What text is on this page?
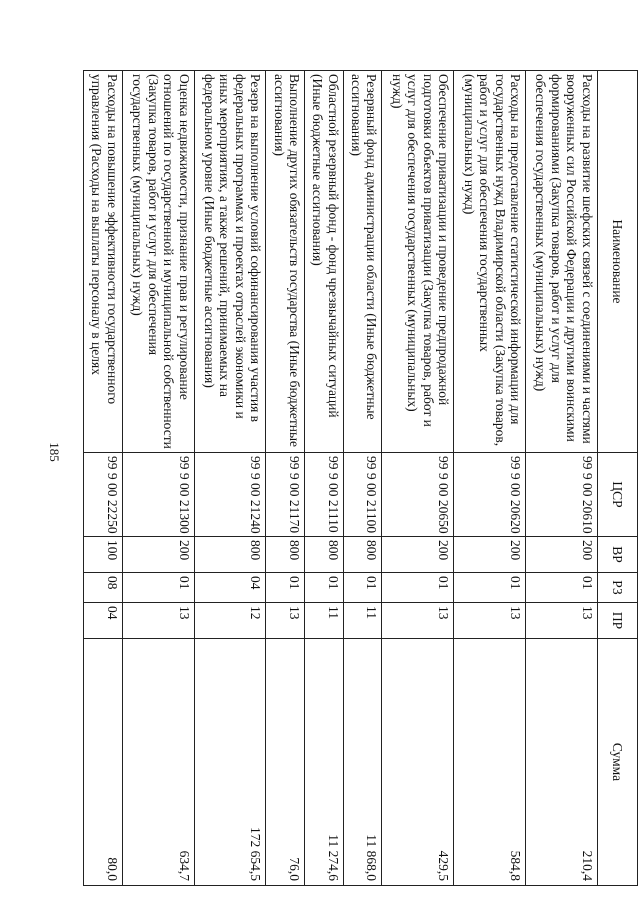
185
Наименование	ЦСР	ВР	РЗ	ПР	Сумма
Расходы на развитие шефских связей с соединениями и частями вооруженных сил Российской Федерации и другими воинскими формированиями (Закупка товаров, работ и услуг для обеспечения государственных (муниципальных) нужд)	99 9 00 20610	200	01	13	210,4
Расходы на предоставление статистической информации для государственных нужд Владимирской области (Закупка товаров, работ и услуг для обеспечения государственных (муниципальных) нужд)	99 9 00 20620	200	01	13	584,8
Обеспечение приватизации и проведение предпродажной подготовки объектов приватизации (Закупка товаров, работ и услуг для обеспечения государственных (муниципальных) нужд)	99 9 00 20650	200	01	13	429,5
Резервный фонд администрации области (Иные бюджетные ассигнования)	99 9 00 21100	800	01	11	11 868,0
Областной резервный фонд - фонд чрезвычайных ситуаций (Иные бюджетные ассигнования)	99 9 00 21110	800	01	11	11 274,6
Выполнение других обязательств государства (Иные бюджетные ассигнования)	99 9 00 21170	800	01	13	76,0
Резерв на выполнение условий софинансирования участия в федеральных программах и проектах отраслей экономики и иных мероприятиях, а также решений, принимаемых на федеральном уровне (Иные бюджетные ассигнования)	99 9 00 21240	800	04	12	172 654,5
Оценка недвижимости, признание прав и регулирование отношений по государственной и муниципальной собственности (Закупка товаров, работ и услуг для обеспечения государственных (муниципальных) нужд)	99 9 00 21300	200	01	13	634,7
Расходы на повышение эффективности государственного управления (Расходы на выплаты персоналу в целях	99 9 00 22250	100	08	04	80,0
